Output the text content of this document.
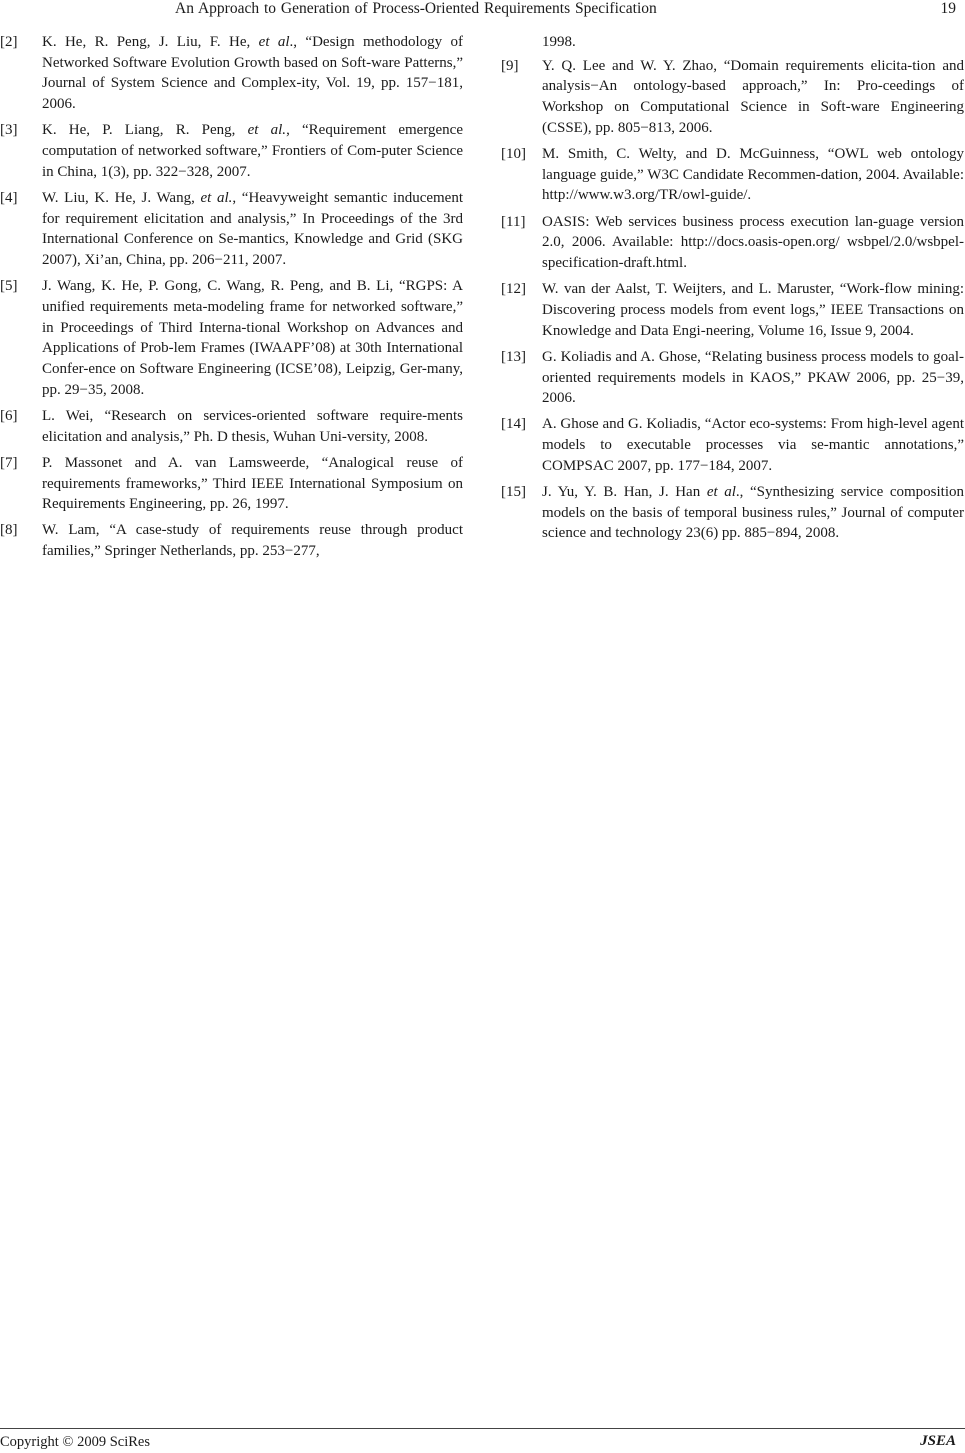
An Approach to Generation of Process-Oriented Requirements Specification	19
[2]	K. He, R. Peng, J. Liu, F. He, et al., “Design methodology of Networked Software Evolution Growth based on Soft-ware Patterns,” Journal of System Science and Complex-ity, Vol. 19, pp. 157−181, 2006.
[3]	K. He, P. Liang, R. Peng, et al., “Requirement emergence computation of networked software,” Frontiers of Com-puter Science in China, 1(3), pp. 322−328, 2007.
[4]	W. Liu, K. He, J. Wang, et al., “Heavyweight semantic inducement for requirement elicitation and analysis,” In Proceedings of the 3rd International Conference on Se-mantics, Knowledge and Grid (SKG 2007), Xi’an, China, pp. 206−211, 2007.
[5]	J. Wang, K. He, P. Gong, C. Wang, R. Peng, and B. Li, “RGPS: A unified requirements meta-modeling frame for networked software,” in Proceedings of Third Interna-tional Workshop on Advances and Applications of Prob-lem Frames (IWAAPF’08) at 30th International Confer-ence on Software Engineering (ICSE’08), Leipzig, Ger-many, pp. 29−35, 2008.
[6]	L. Wei, “Research on services-oriented software require-ments elicitation and analysis,” Ph. D thesis, Wuhan Uni-versity, 2008.
[7]	P. Massonet and A. van Lamsweerde, “Analogical reuse of requirements frameworks,” Third IEEE International Symposium on Requirements Engineering, pp. 26, 1997.
[8]	W. Lam, “A case-study of requirements reuse through product families,” Springer Netherlands, pp. 253−277,
1998.
[9]	Y. Q. Lee and W. Y. Zhao, “Domain requirements elicita-tion and analysis−An ontology-based approach,” In: Pro-ceedings of Workshop on Computational Science in Soft-ware Engineering (CSSE), pp. 805−813, 2006.
[10]	M. Smith, C. Welty, and D. McGuinness, “OWL web ontology language guide,” W3C Candidate Recommen-dation, 2004. Available: http://www.w3.org/TR/owl-guide/.
[11]	OASIS: Web services business process execution lan-guage version 2.0, 2006. Available: http://docs.oasis-open.org/ wsbpel/2.0/wsbpel-specification-draft.html.
[12]	W. van der Aalst, T. Weijters, and L. Maruster, “Work-flow mining: Discovering process models from event logs,” IEEE Transactions on Knowledge and Data Engi-neering, Volume 16, Issue 9, 2004.
[13]	G. Koliadis and A. Ghose, “Relating business process models to goal-oriented requirements models in KAOS,” PKAW 2006, pp. 25−39, 2006.
[14]	A. Ghose and G. Koliadis, “Actor eco-systems: From high-level agent models to executable processes via se-mantic annotations,” COMPSAC 2007, pp. 177−184, 2007.
[15]	J. Yu, Y. B. Han, J. Han et al., “Synthesizing service composition models on the basis of temporal business rules,” Journal of computer science and technology 23(6) pp. 885−894, 2008.
Copyright © 2009 SciRes	JSEA
